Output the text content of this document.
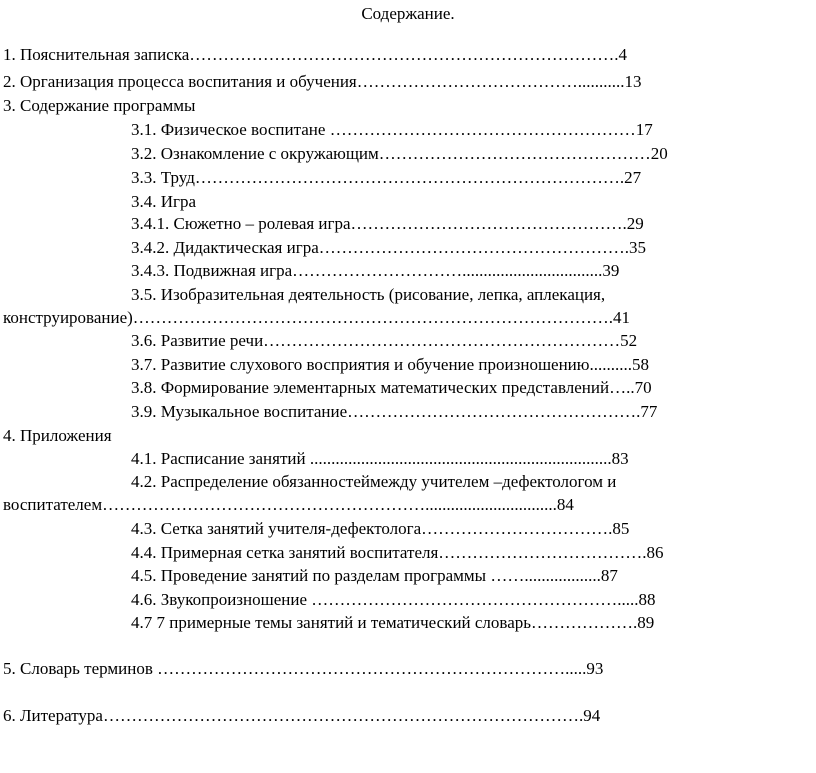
Содержание.
1. Пояснительная записка………………………………………………………………….4
2. Организация процесса воспитания и обучения…………………………………...........13
3. Содержание программы
3.1. Физическое воспитане ………………………………………………17
3.2. Ознакомление с окружающим…………………………………………20
3.3. Труд………………………………………………………………….27
3.4. Игра
3.4.1. Сюжетно – ролевая игра………………………………………….29
3.4.2. Дидактическая игра……………………………………………….35
3.4.3. Подвижная игра………………………….................................39
3.5. Изобразительная деятельность (рисование, лепка, аплекация,
конструирование)………………………………………………………………………….41
3.6. Развитие речи………………………………………………………52
3.7. Развитие слухового восприятия и обучение произношению..........58
3.8. Формирование элементарных математических представлений…..70
3.9. Музыкальное воспитание…………………………………………….77
4. Приложения
4.1. Расписание занятий .......................................................................83
4.2. Распределение обязанностеймежду учителем –дефектологом и
воспитателем…………………………………………………...............................84
4.3. Сетка занятий учителя-дефектолога…………………………….85
4.4. Примерная сетка занятий воспитателя……………………………….86
4.5. Проведение занятий по разделам программы ……..................87
4.6. Звукопроизношение ……………………………………………….....88
4.7 7 примерные темы занятий и тематический словарь……………….89
5. Словарь терминов ……………………………………………………………….....93
6. Литература………………………………………………………………………….94
